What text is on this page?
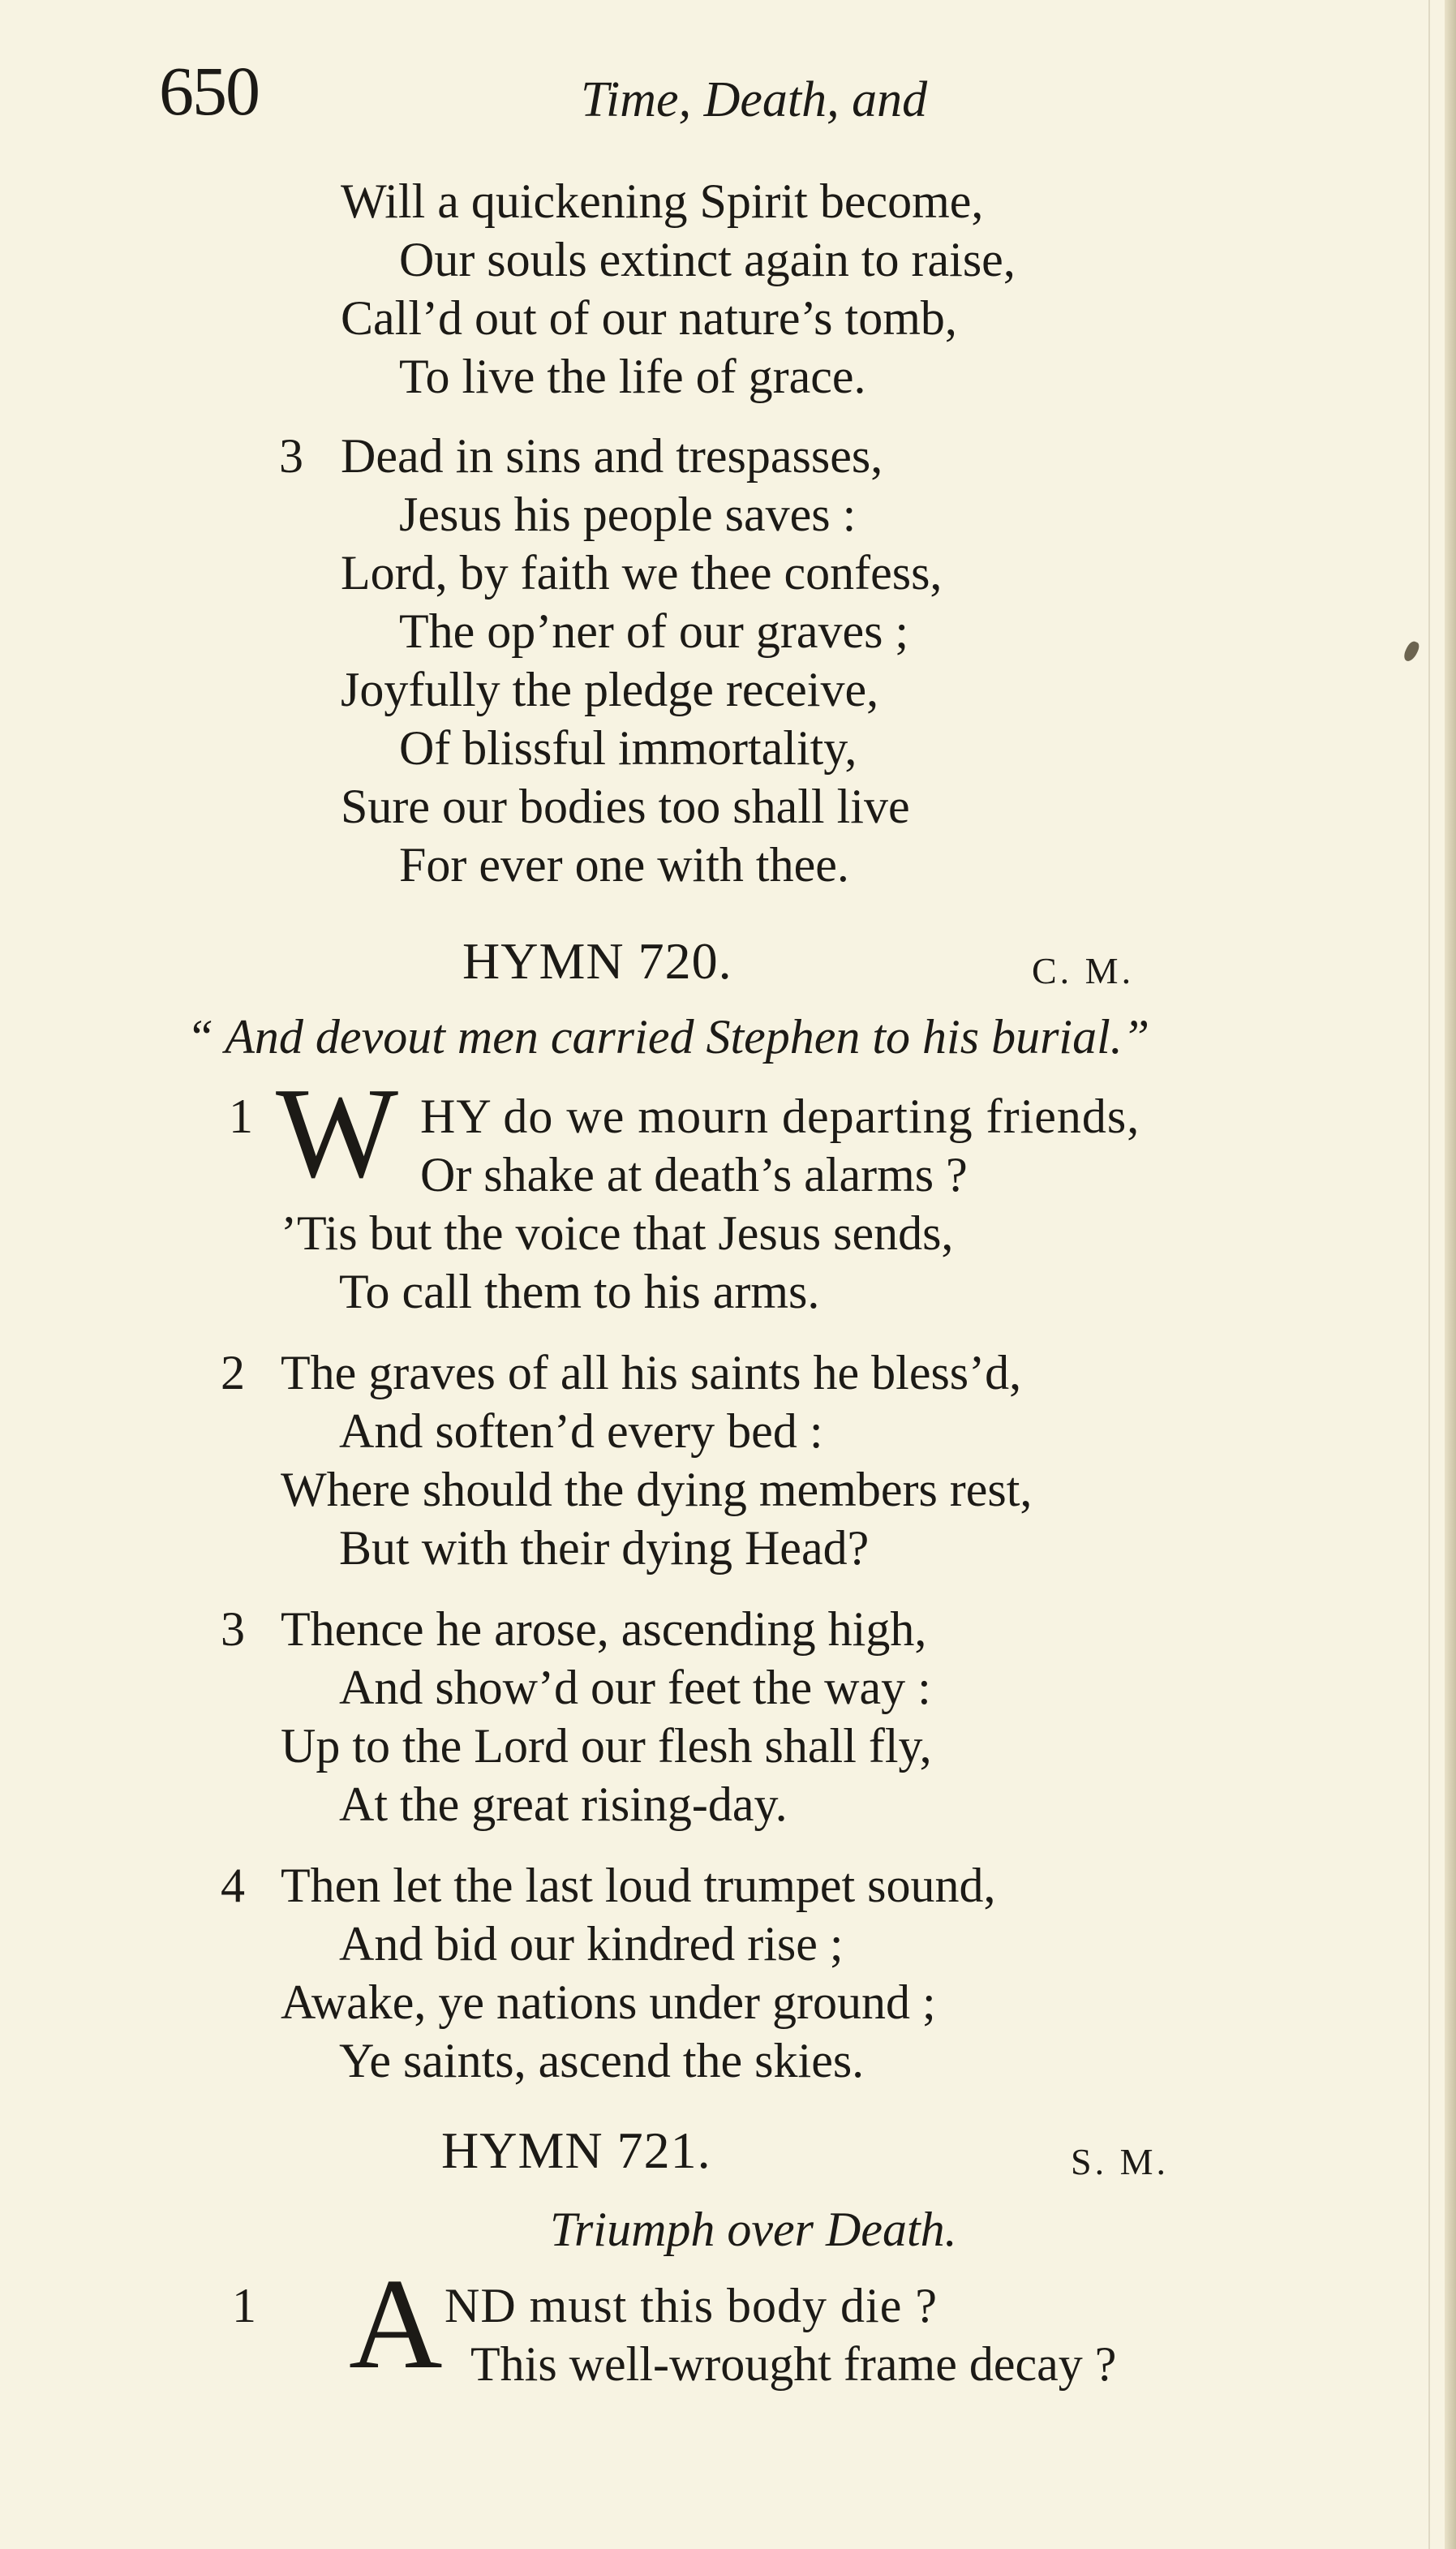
650	Time, Death, and
Will a quickening Spirit become,
Our souls extinct again to raise,
Call’d out of our nature’s tomb,
To live the life of grace.
3 Dead in sins and trespasses,
Jesus his people saves :
Lord, by faith we thee confess,
The op’ner of our graves ;
Joyfully the pledge receive,
Of blissful immortality,
Sure our bodies too shall live
For ever one with thee.
HYMN 720.	C. M.
“ And devout men carried Stephen to his burial.”
1 W HY do we mourn departing friends,
Or shake at death’s alarms ?
’Tis but the voice that Jesus sends,
To call them to his arms.
2 The graves of all his saints he bless’d,
And soften’d every bed :
Where should the dying members rest,
But with their dying Head?
3 Thence he arose, ascending high,
And show’d our feet the way :
Up to the Lord our flesh shall fly,
At the great rising-day.
4 Then let the last loud trumpet sound,
And bid our kindred rise ;
Awake, ye nations under ground ;
Ye saints, ascend the skies.
HYMN 721.	S. M.
Triumph over Death.
1 A ND must this body die ?
This well-wrought frame decay ?
